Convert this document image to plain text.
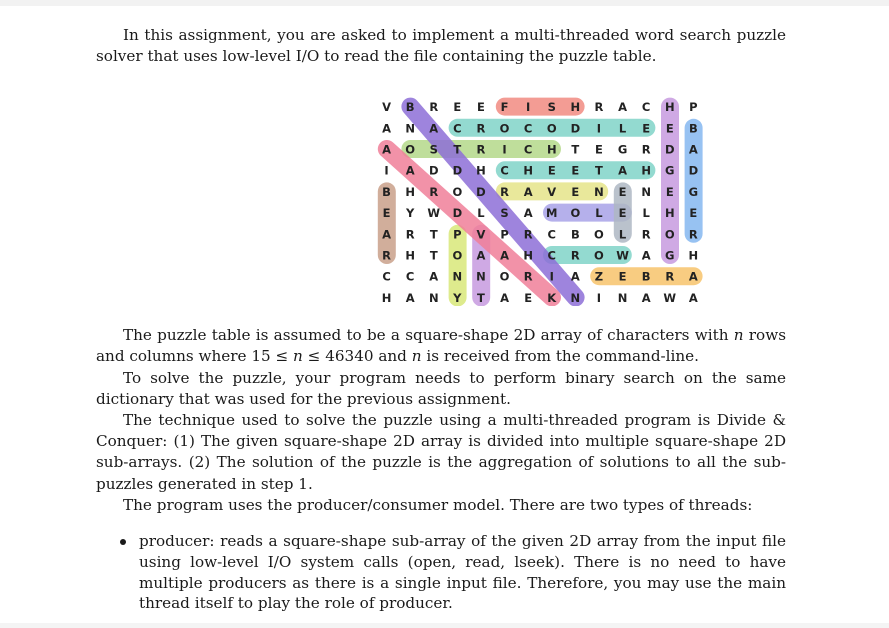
In this assignment, you are asked to implement a multi-threaded word search puzzle solver that uses low-level I/O to read the file containing the puzzle table.

V B R E E F I S H R A C H P
A N A C R O C O D I L E E B
A O S T R I C H T E G R D A
I A D D H C H E E T A H G D
B H R O D R A V E N E N E G
E Y W D L S A M O L E L H E
A R T P V P R C B O L R O R
R H T O A A H C R O W A G H
C C A N N O R I A Z E B R A
H A N Y T A E K N I N A W A

The puzzle table is assumed to be a square-shape 2D array of characters with n rows and columns where 15 ≤ n ≤ 46340 and n is received from the command-line.

To solve the puzzle, your program needs to perform binary search on the same dictionary that was used for the previous assignment.

The technique used to solve the puzzle using a multi-threaded program is Divide & Conquer: (1) The given square-shape 2D array is divided into multiple square-shape 2D sub-arrays. (2) The solution of the puzzle is the aggregation of solutions to all the sub-puzzles generated in step 1.

The program uses the producer/consumer model. There are two types of threads:

producer: reads a square-shape sub-array of the given 2D array from the input file using low-level I/O system calls (open, read, lseek). There is no need to have multiple producers as there is a single input file. Therefore, you may use the main thread itself to play the role of producer.
